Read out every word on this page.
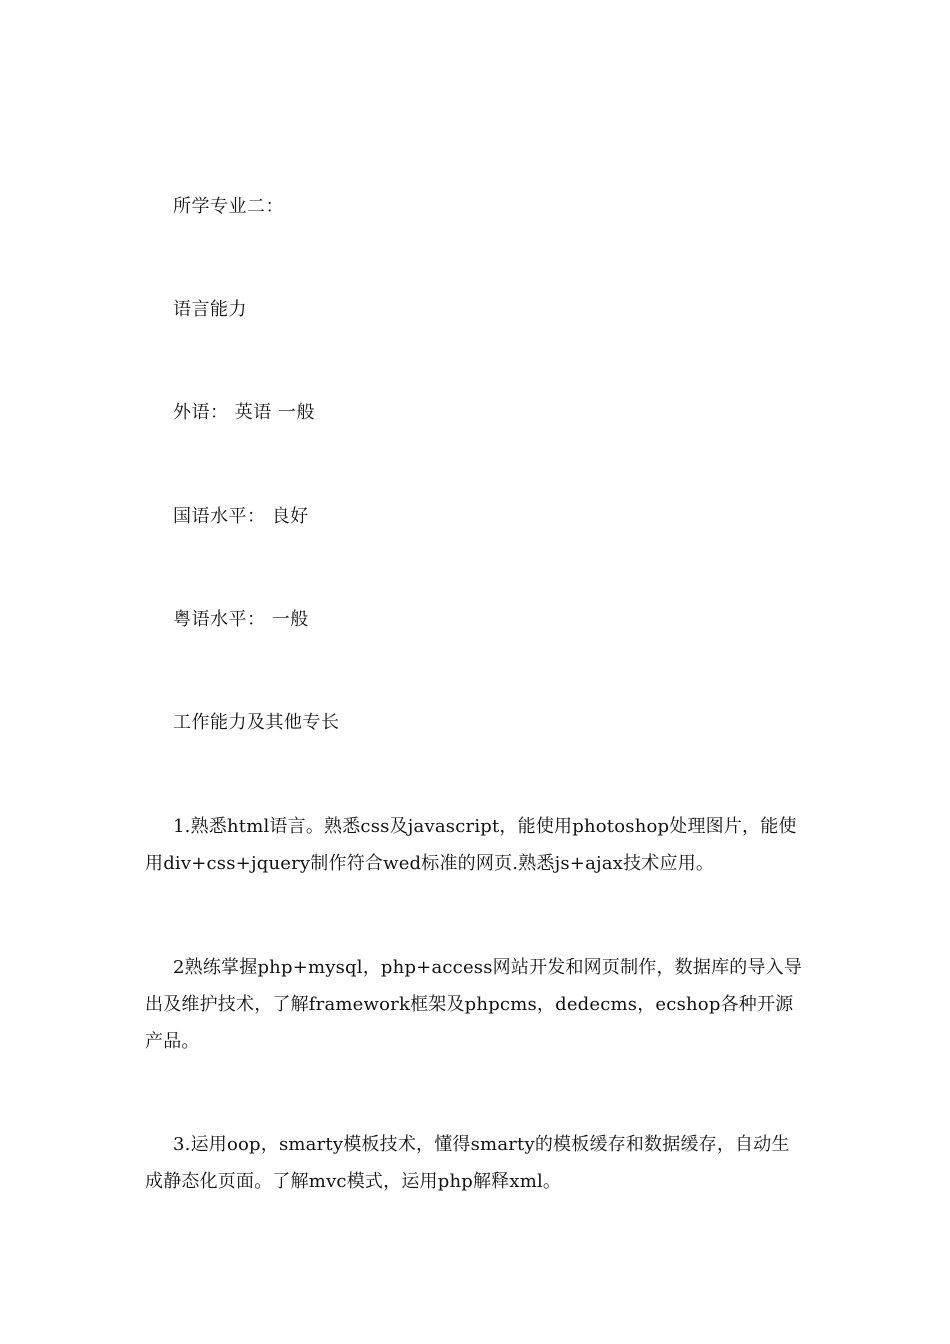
所学专业二：
语言能力
外语： 英语 一般
国语水平： 良好
粤语水平： 一般
工作能力及其他专长
1.熟悉html语言。熟悉css及javascript，能使用photoshop处理图片，能使用div+css+jquery制作符合wed标准的网页.熟悉js+ajax技术应用。
2熟练掌握php+mysql，php+access网站开发和网页制作，数据库的导入导出及维护技术，了解framework框架及phpcms，dedecms，ecshop各种开源产品。
3.运用oop，smarty模板技术，懂得smarty的模板缓存和数据缓存，自动生成静态化页面。了解mvc模式，运用php解释xml。
